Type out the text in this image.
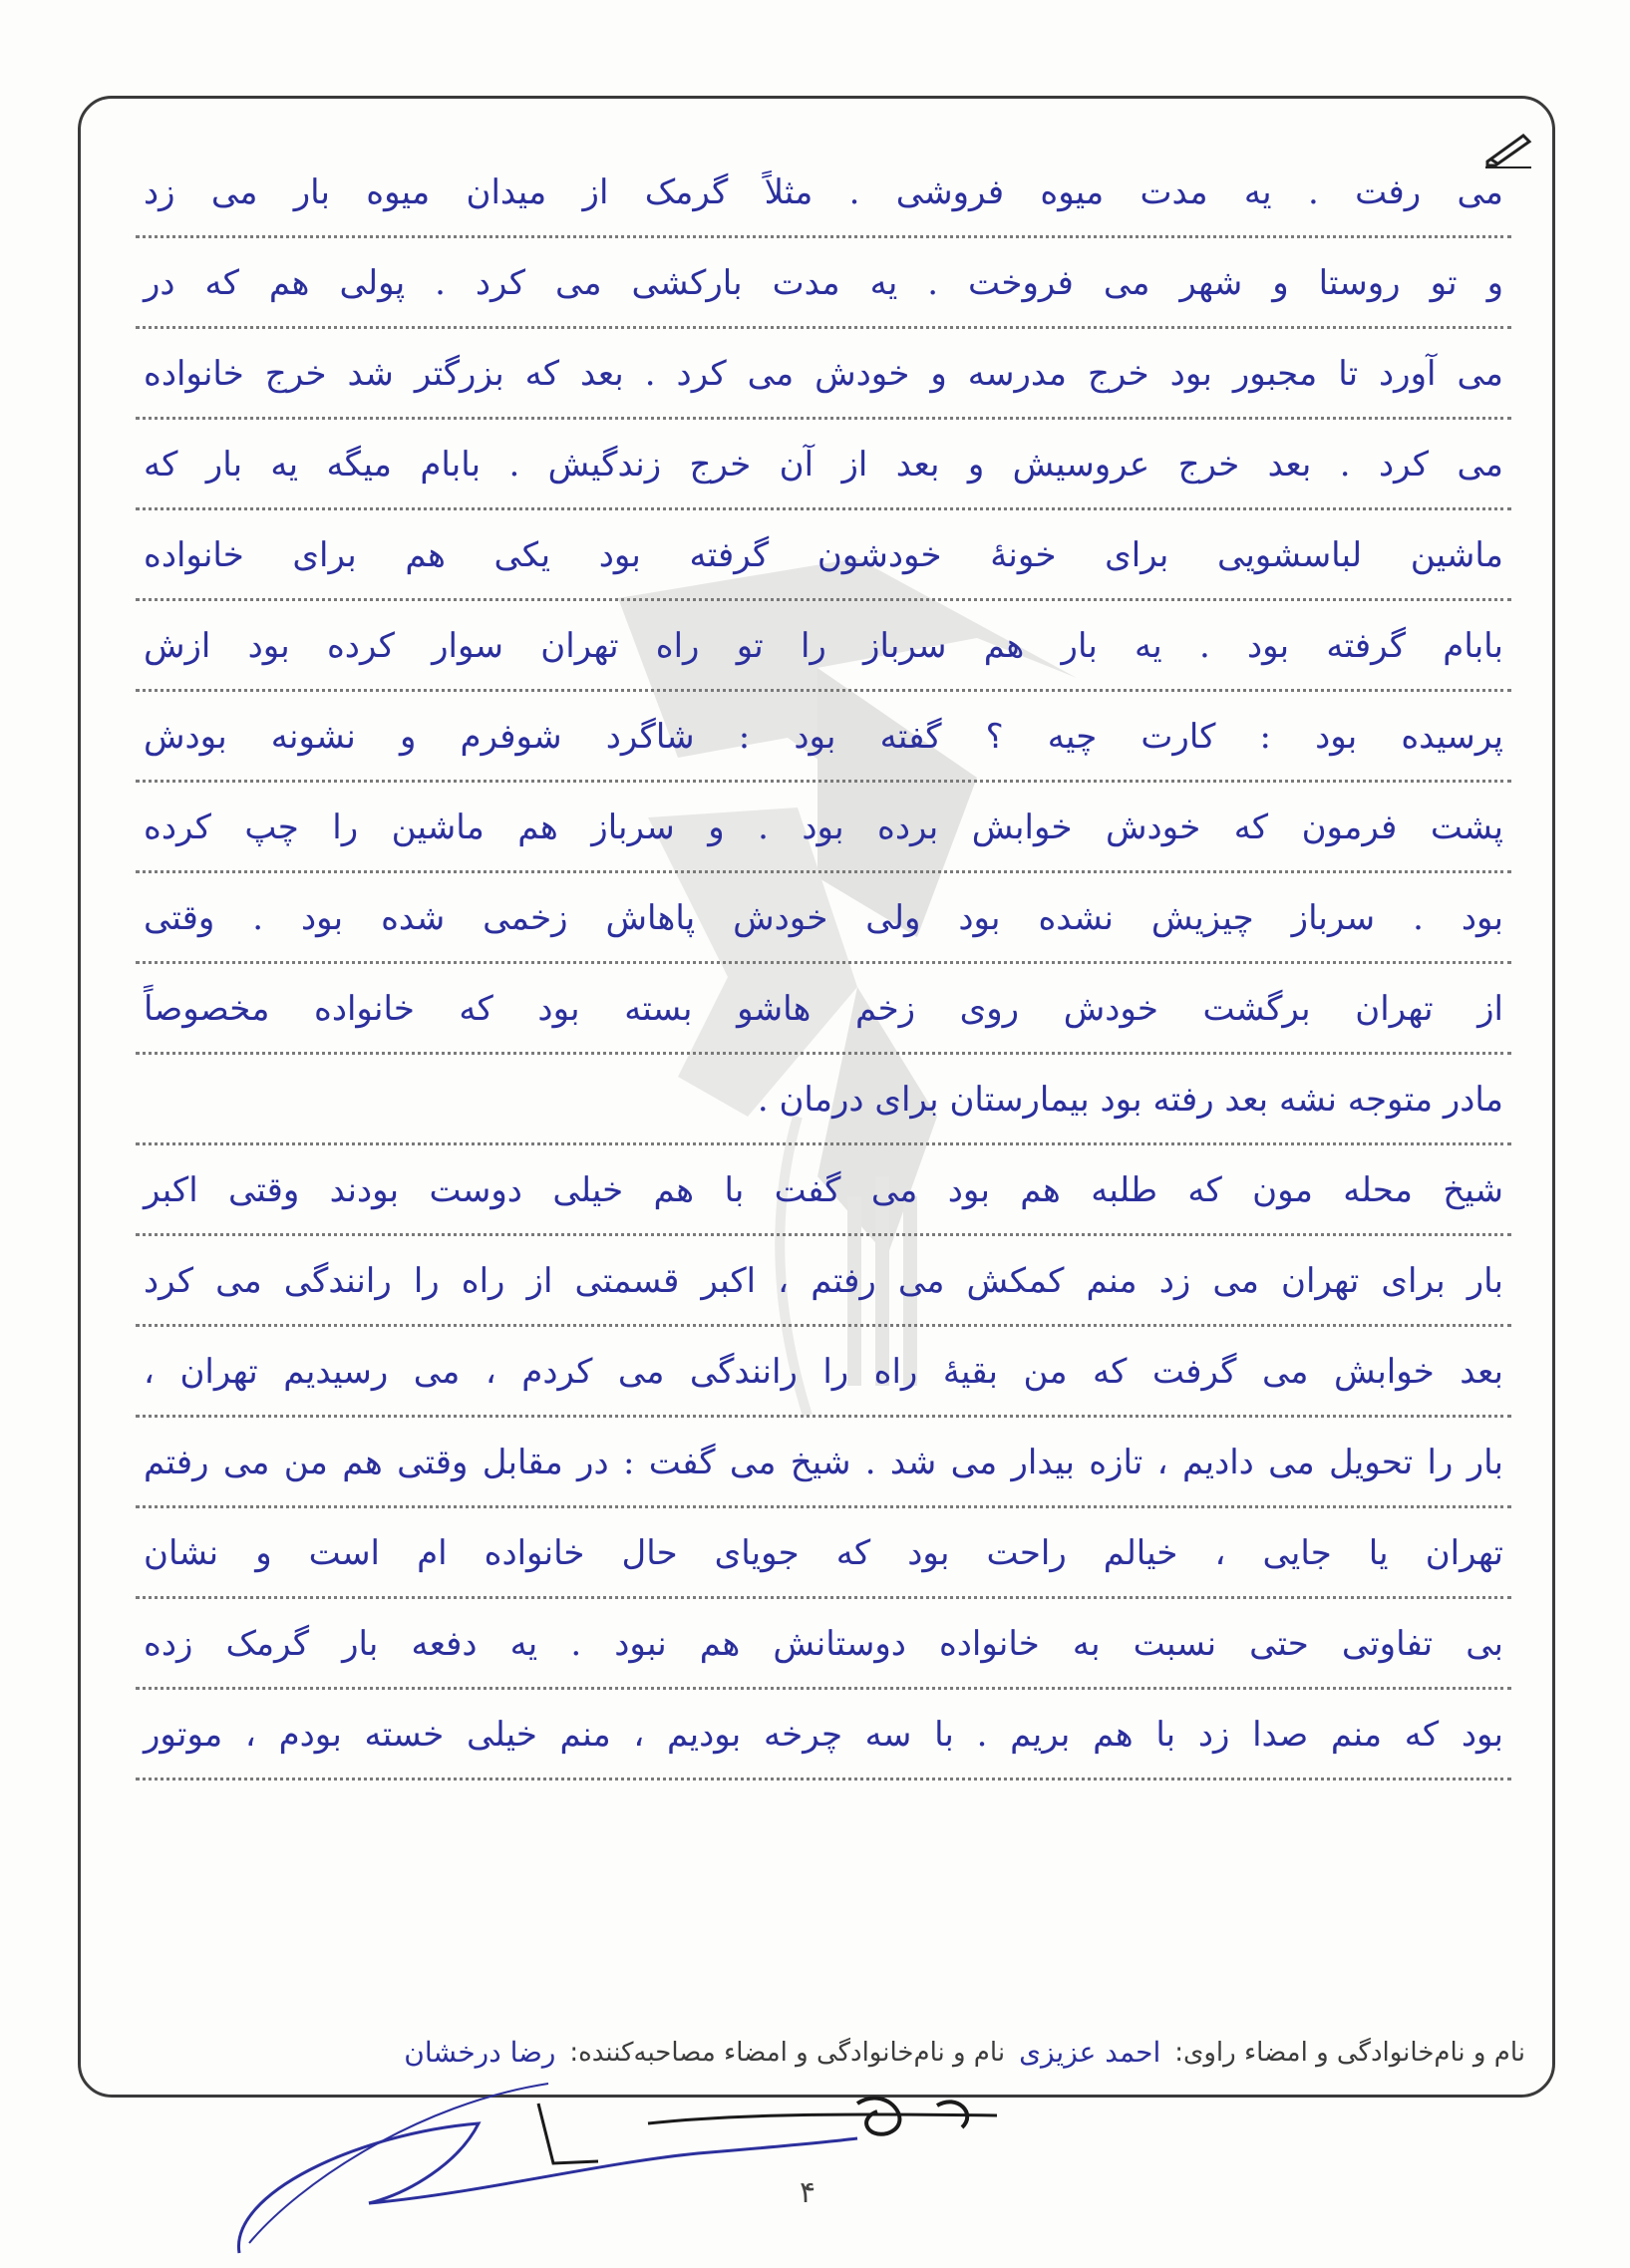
می رفت . یه مدت میوه فروشی . مثلاً گرمک از میدان میوه بار می زد
و تو روستا و شهر می فروخت . یه مدت بارکشی می کرد . پولی هم که در
می آورد تا مجبور بود خرج مدرسه و خودش می کرد . بعد که بزرگتر شد خرج خانواده
می کرد . بعد خرج عروسیش و بعد از آن خرج زندگیش . بابام میگه یه بار که
ماشین لباسشویی برای خونهٔ خودشون گرفته بود یکی هم برای خانواده
بابام گرفته بود . یه بار هم سرباز را تو راه تهران سوار کرده بود ازش
پرسیده بود : کارت چیه ؟ گفته بود : شاگرد شوفرم و نشونه بودش
پشت فرمون که خودش خوابش برده بود . و سرباز هم ماشین را چپ کرده
بود . سرباز چیزیش نشده بود ولی خودش پاهاش زخمی شده بود . وقتی
از تهران برگشت خودش روی زخم هاشو بسته بود که خانواده مخصوصاً
مادر متوجه نشه بعد رفته بود بیمارستان برای درمان .
شیخ محله مون که طلبه هم بود می گفت با هم خیلی دوست بودند وقتی اکبر
بار برای تهران می زد منم کمکش می رفتم ، اکبر قسمتی از راه را رانندگی می کرد
بعد خوابش می گرفت که من بقیهٔ راه را رانندگی می کردم ، می رسیدیم تهران ،
بار را تحویل می دادیم ، تازه بیدار می شد . شیخ می گفت : در مقابل وقتی هم من می رفتم
تهران یا جایی ، خیالم راحت بود که جویای حال خانواده ام است و نشان
بی تفاوتی حتی نسبت به خانواده دوستانش هم نبود . یه دفعه بار گرمک زده
بود که منم صدا زد با هم بریم . با سه چرخه بودیم ، منم خیلی خسته بودم ، موتور
نام و نام‌خانوادگی و امضاء راوی:
احمد عزیزی
نام و نام‌خانوادگی و امضاء مصاحبه‌کننده:
رضا درخشان
۴
